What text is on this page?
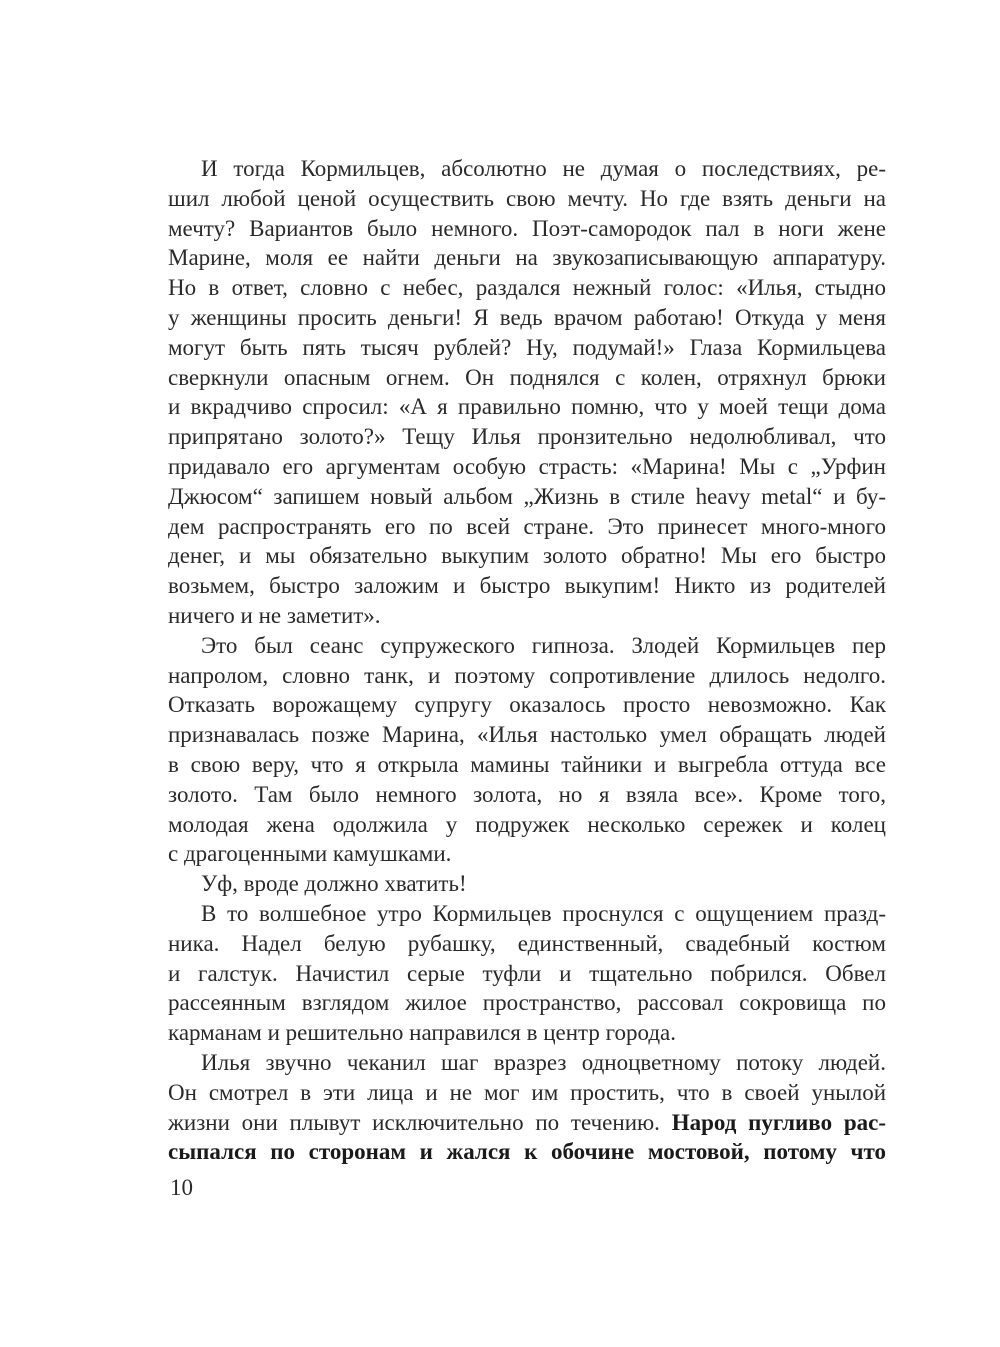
И тогда Кормильцев, абсолютно не думая о последствиях, ре-
шил любой ценой осуществить свою мечту. Но где взять деньги на
мечту? Вариантов было немного. Поэт-самородок пал в ноги жене
Марине, моля ее найти деньги на звукозаписывающую аппаратуру.
Но в ответ, словно с небес, раздался нежный голос: «Илья, стыдно
у женщины просить деньги! Я ведь врачом работаю! Откуда у меня
могут быть пять тысяч рублей? Ну, подумай!» Глаза Кормильцева
сверкнули опасным огнем. Он поднялся с колен, отряхнул брюки
и вкрадчиво спросил: «А я правильно помню, что у моей тещи дома
припрятано золото?» Тещу Илья пронзительно недолюбливал, что
придавало его аргументам особую страсть: «Марина! Мы с „Урфин
Джюсом“ запишем новый альбом „Жизнь в стиле heavy metal“ и бу-
дем распространять его по всей стране. Это принесет много-много
денег, и мы обязательно выкупим золото обратно! Мы его быстро
возьмем, быстро заложим и быстро выкупим! Никто из родителей
ничего и не заметит».
Это был сеанс супружеского гипноза. Злодей Кормильцев пер
напролом, словно танк, и поэтому сопротивление длилось недолго.
Отказать ворожащему супругу оказалось просто невозможно. Как
признавалась позже Марина, «Илья настолько умел обращать людей
в свою веру, что я открыла мамины тайники и выгребла оттуда все
золото. Там было немного золота, но я взяла все». Кроме того,
молодая жена одолжила у подружек несколько сережек и колец
с драгоценными камушками.
Уф, вроде должно хватить!
В то волшебное утро Кормильцев проснулся с ощущением празд-
ника. Надел белую рубашку, единственный, свадебный костюм
и галстук. Начистил серые туфли и тщательно побрился. Обвел
рассеянным взглядом жилое пространство, рассовал сокровища по
карманам и решительно направился в центр города.
Илья звучно чеканил шаг вразрез одноцветному потоку людей.
Он смотрел в эти лица и не мог им простить, что в своей унылой
жизни они плывут исключительно по течению. Народ пугливо рас-
сыпался по сторонам и жался к обочине мостовой, потому что
10
